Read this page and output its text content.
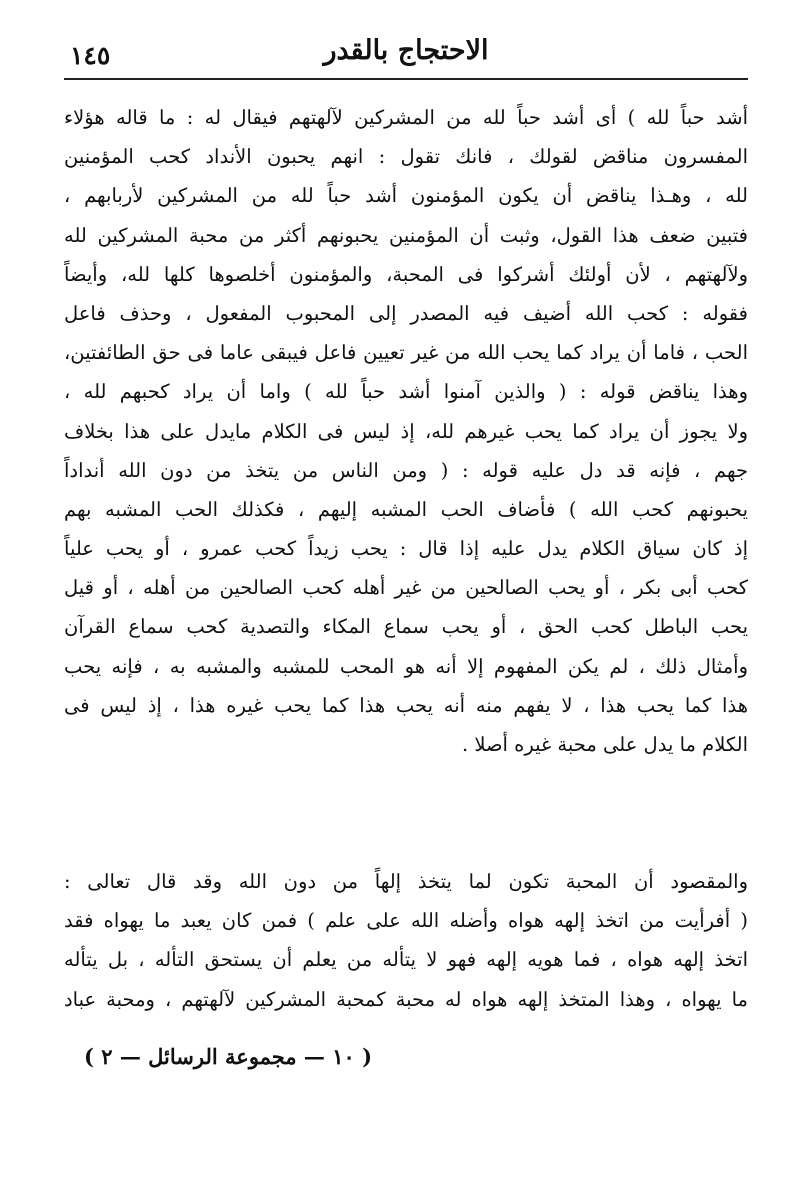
الاحتجاج بالقدر
١٤٥
أشد حباً لله ) أى أشد حباً لله من المشركين لآلهتهم فيقال له : ما قاله هؤلاء
المفسرون مناقض لقولك ، فانك تقول : انهم يحبون الأنداد كحب المؤمنين
لله ، وهـذا يناقض أن يكون المؤمنون أشد حباً لله من المشركين لأربابهم ،
فتبين ضعف هذا القول، وثبت أن المؤمنين يحبونهم أكثر من محبة المشركين لله
ولآلهتهم ، لأن أولئك أشركوا فى المحبة، والمؤمنون أخلصوها كلها لله، وأيضاً
فقوله : كحب الله أضيف فيه المصدر إلى المحبوب المفعول ، وحذف فاعل
الحب ، فاما أن يراد كما يحب الله من غير تعيين فاعل فيبقى عاما فى حق الطائفتين،
وهذا يناقض قوله : ( والذين آمنوا أشد حباً لله ) واما أن يراد كحبهم لله ،
ولا يجوز أن يراد كما يحب غيرهم لله، إذ ليس فى الكلام مايدل على هذا بخلاف
جهم ، فإنه قد دل عليه قوله : ( ومن الناس من يتخذ من دون الله أنداداً
يحبونهم كحب الله ) فأضاف الحب المشبه إليهم ، فكذلك الحب المشبه بهم
إذ كان سياق الكلام يدل عليه إذا قال : يحب زيداً كحب عمرو ، أو يحب علياً
كحب أبى بكر ، أو يحب الصالحين من غير أهله كحب الصالحين من أهله ، أو قيل
يحب الباطل كحب الحق ، أو يحب سماع المكاء والتصدية كحب سماع القرآن
وأمثال ذلك ، لم يكن المفهوم إلا أنه هو المحب للمشبه والمشبه به ، فإنه يحب
هذا كما يحب هذا ، لا يفهم منه أنه يحب هذا كما يحب غيره هذا ، إذ ليس فى
الكلام ما يدل على محبة غيره أصلا .
والمقصود أن المحبة تكون لما يتخذ إلهاً من دون الله وقد قال تعالى :
( أفرأيت من اتخذ إلهه هواه وأضله الله على علم ) فمن كان يعبد ما يهواه فقد
اتخذ إلهه هواه ، فما هويه إلهه فهو لا يتأله من يعلم أن يستحق التأله ، بل يتأله
ما يهواه ، وهذا المتخذ إلهه هواه له محبة كمحبة المشركين لآلهتهم ، ومحبة عباد
( ١٠ — مجموعة الرسائل — ٢ )
